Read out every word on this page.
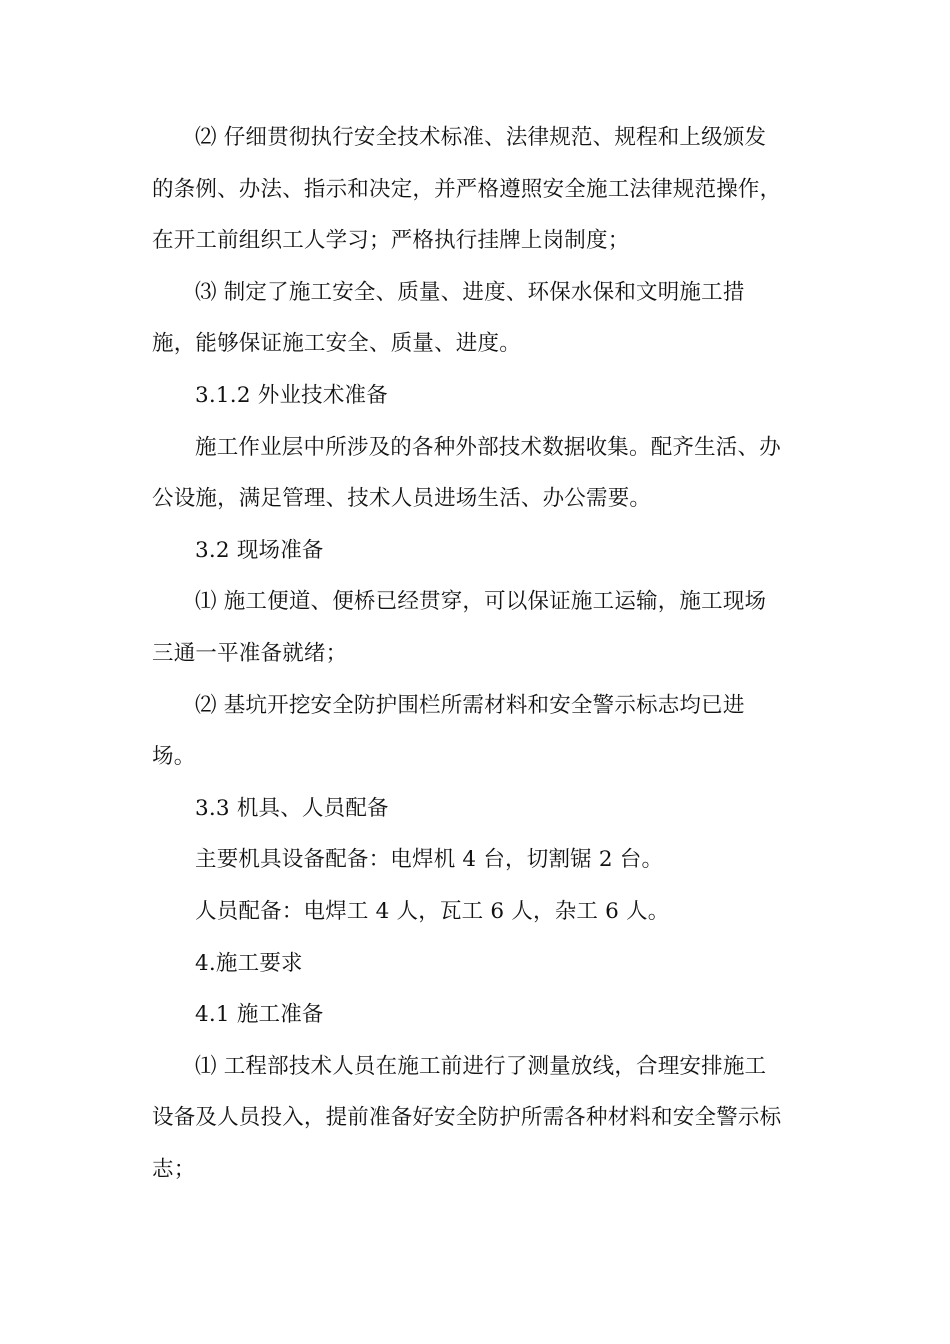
⑵ 仔细贯彻执行安全技术标准、法律规范、规程和上级颁发
的条例、办法、指示和决定，并严格遵照安全施工法律规范操作，
在开工前组织工人学习；严格执行挂牌上岗制度；
⑶ 制定了施工安全、质量、进度、环保水保和文明施工措
施，能够保证施工安全、质量、进度。
3.1.2 外业技术准备
施工作业层中所涉及的各种外部技术数据收集。配齐生活、办
公设施，满足管理、技术人员进场生活、办公需要。
3.2 现场准备
⑴ 施工便道、便桥已经贯穿，可以保证施工运输，施工现场
三通一平准备就绪；
⑵ 基坑开挖安全防护围栏所需材料和安全警示标志均已进
场。
3.3 机具、人员配备
主要机具设备配备：电焊机 4 台，切割锯 2 台。
人员配备：电焊工 4 人，瓦工 6 人，杂工 6 人。
4.施工要求
4.1 施工准备
⑴ 工程部技术人员在施工前进行了测量放线，合理安排施工
设备及人员投入，提前准备好安全防护所需各种材料和安全警示标
志；
